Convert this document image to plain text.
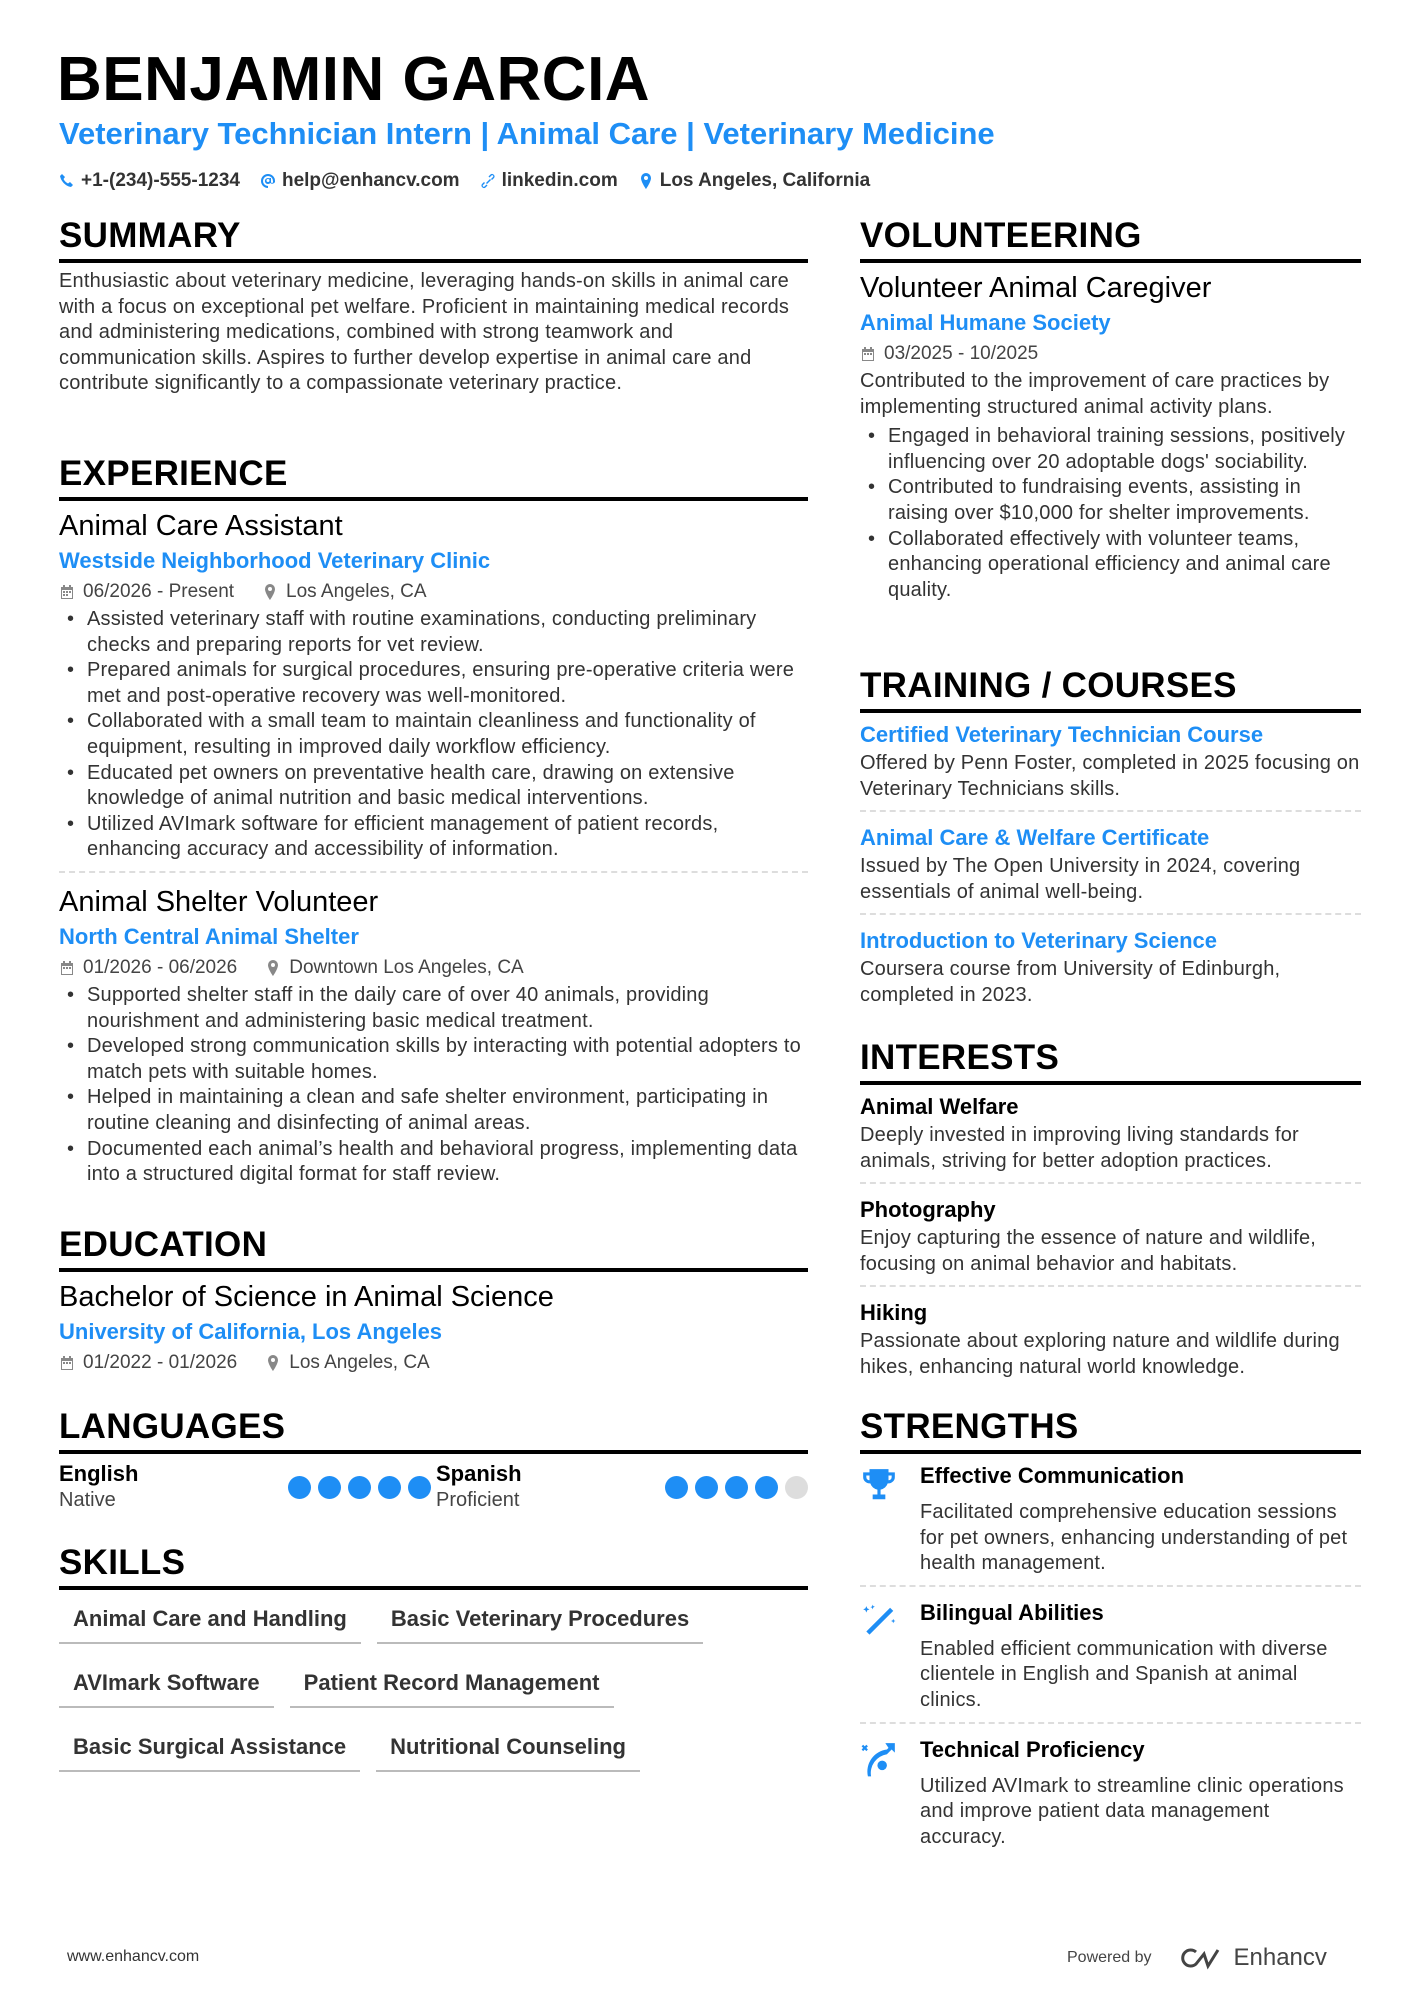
BENJAMIN GARCIA
Veterinary Technician Intern | Animal Care | Veterinary Medicine
+1-(234)-555-1234 help@enhancv.com linkedin.com Los Angeles, California
SUMMARY
Enthusiastic about veterinary medicine, leveraging hands-on skills in animal care with a focus on exceptional pet welfare. Proficient in maintaining medical records and administering medications, combined with strong teamwork and communication skills. Aspires to further develop expertise in animal care and contribute significantly to a compassionate veterinary practice.
EXPERIENCE
Animal Care Assistant
Westside Neighborhood Veterinary Clinic
06/2026 - Present	Los Angeles, CA
• Assisted veterinary staff with routine examinations, conducting preliminary checks and preparing reports for vet review.
• Prepared animals for surgical procedures, ensuring pre-operative criteria were met and post-operative recovery was well-monitored.
• Collaborated with a small team to maintain cleanliness and functionality of equipment, resulting in improved daily workflow efficiency.
• Educated pet owners on preventative health care, drawing on extensive knowledge of animal nutrition and basic medical interventions.
• Utilized AVImark software for efficient management of patient records, enhancing accuracy and accessibility of information.
Animal Shelter Volunteer
North Central Animal Shelter
01/2026 - 06/2026	Downtown Los Angeles, CA
• Supported shelter staff in the daily care of over 40 animals, providing nourishment and administering basic medical treatment.
• Developed strong communication skills by interacting with potential adopters to match pets with suitable homes.
• Helped in maintaining a clean and safe shelter environment, participating in routine cleaning and disinfecting of animal areas.
• Documented each animal’s health and behavioral progress, implementing data into a structured digital format for staff review.
EDUCATION
Bachelor of Science in Animal Science
University of California, Los Angeles
01/2022 - 01/2026	Los Angeles, CA
LANGUAGES
English
Native
Spanish
Proficient
SKILLS
Animal Care and Handling	Basic Veterinary Procedures
AVImark Software	Patient Record Management
Basic Surgical Assistance	Nutritional Counseling
VOLUNTEERING
Volunteer Animal Caregiver
Animal Humane Society
03/2025 - 10/2025
Contributed to the improvement of care practices by implementing structured animal activity plans.
• Engaged in behavioral training sessions, positively influencing over 20 adoptable dogs' sociability.
• Contributed to fundraising events, assisting in raising over $10,000 for shelter improvements.
• Collaborated effectively with volunteer teams, enhancing operational efficiency and animal care quality.
TRAINING / COURSES
Certified Veterinary Technician Course
Offered by Penn Foster, completed in 2025 focusing on Veterinary Technicians skills.
Animal Care & Welfare Certificate
Issued by The Open University in 2024, covering essentials of animal well-being.
Introduction to Veterinary Science
Coursera course from University of Edinburgh, completed in 2023.
INTERESTS
Animal Welfare
Deeply invested in improving living standards for animals, striving for better adoption practices.
Photography
Enjoy capturing the essence of nature and wildlife, focusing on animal behavior and habitats.
Hiking
Passionate about exploring nature and wildlife during hikes, enhancing natural world knowledge.
STRENGTHS
Effective Communication
Facilitated comprehensive education sessions for pet owners, enhancing understanding of pet health management.
Bilingual Abilities
Enabled efficient communication with diverse clientele in English and Spanish at animal clinics.
Technical Proficiency
Utilized AVImark to streamline clinic operations and improve patient data management accuracy.
www.enhancv.com	Powered by	Enhancv
